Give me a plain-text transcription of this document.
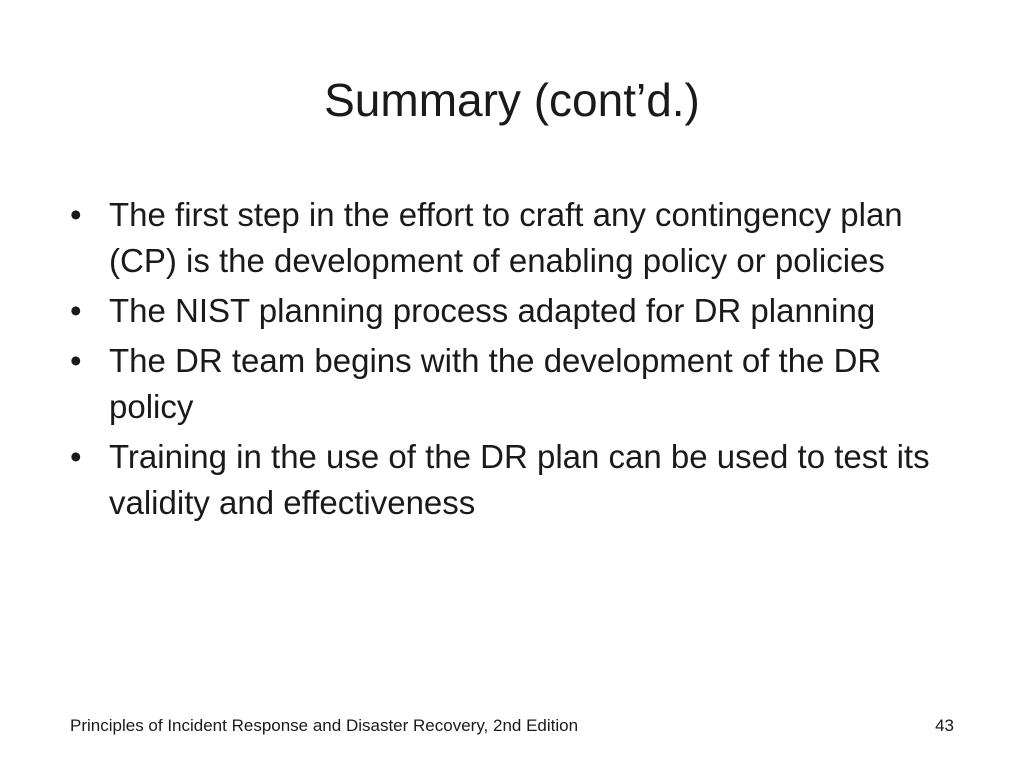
Summary (cont’d.)
• The first step in the effort to craft any contingency plan (CP) is the development of enabling policy or policies
• The NIST planning process adapted for DR planning
• The DR team begins with the development of the DR policy
• Training in the use of the DR plan can be used to test its validity and effectiveness
Principles of Incident Response and Disaster Recovery, 2nd Edition	43
